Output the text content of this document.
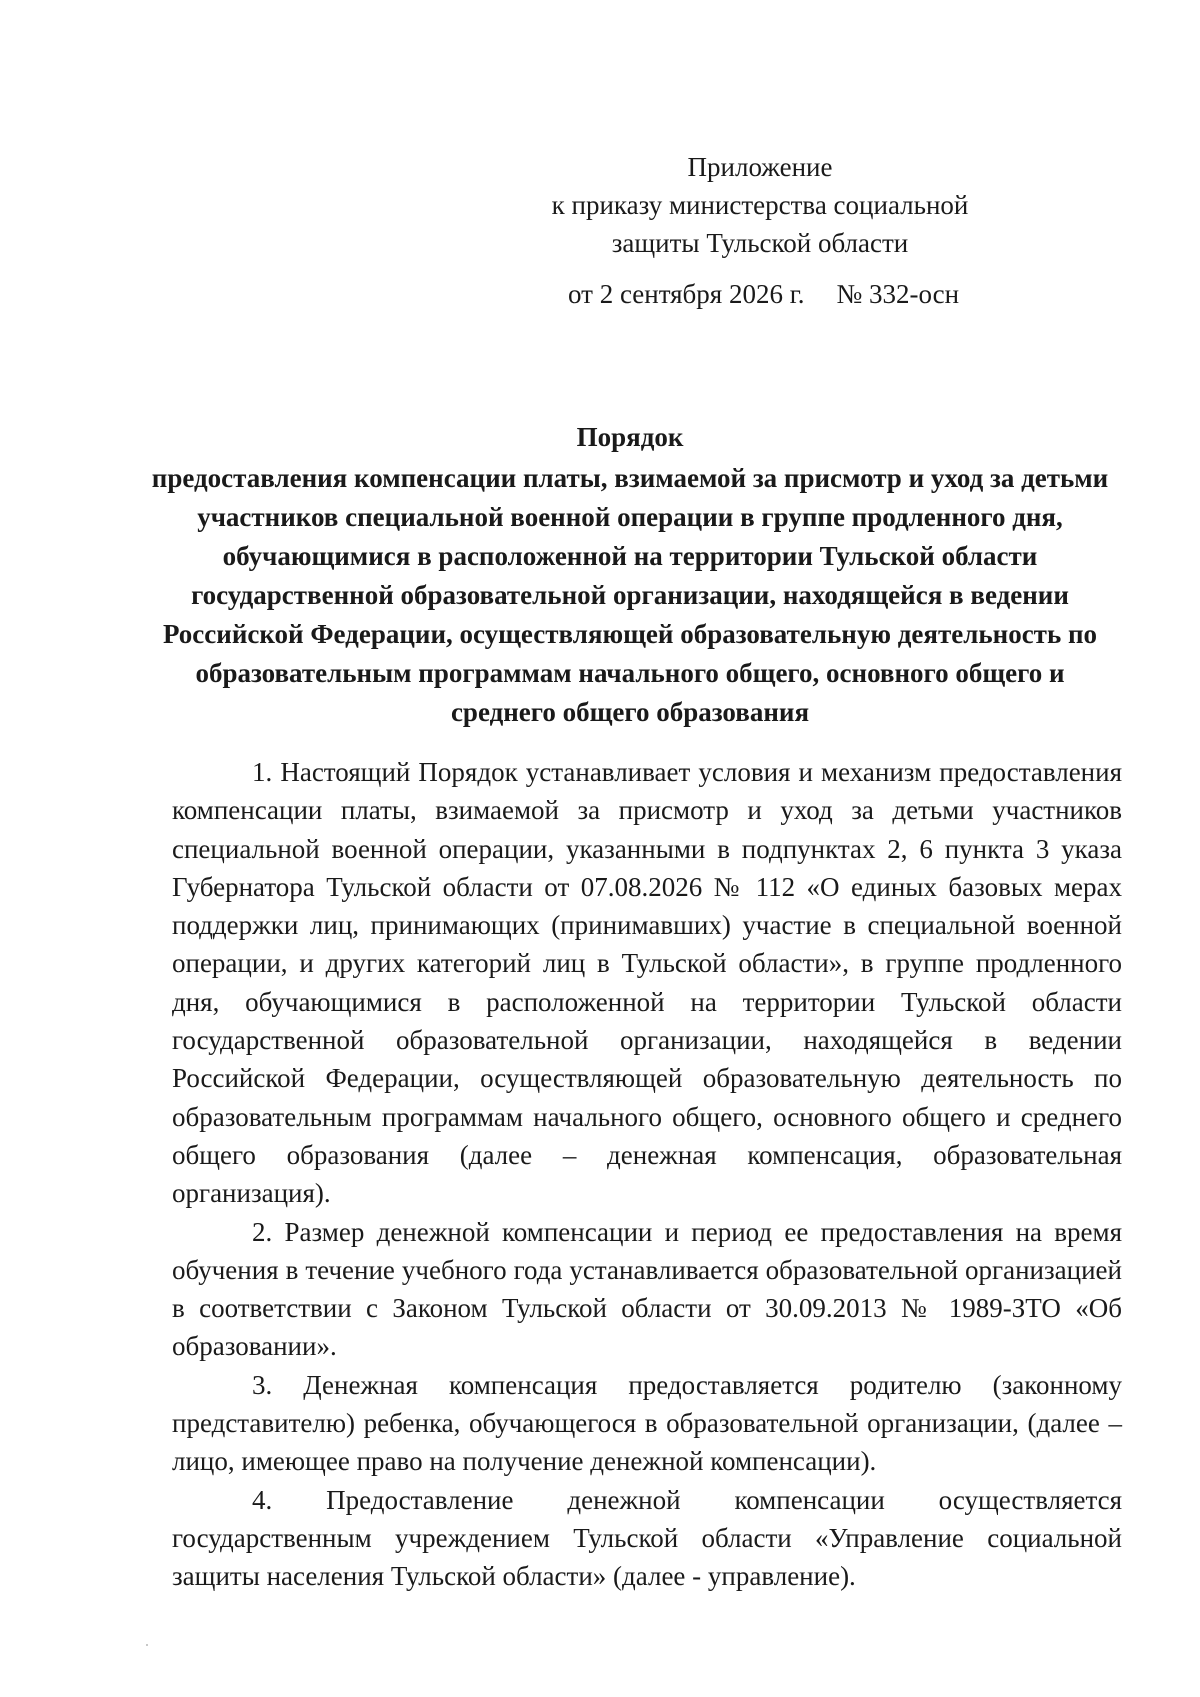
Приложение
к приказу министерства социальной
защиты Тульской области
от 2 сентября 2026 г. № 332-осн
Порядок
предоставления компенсации платы, взимаемой за присмотр и уход за детьми участников специальной военной операции в группе продленного дня, обучающимися в расположенной на территории Тульской области государственной образовательной организации, находящейся в ведении Российской Федерации, осуществляющей образовательную деятельность по образовательным программам начального общего, основного общего и среднего общего образования

1. Настоящий Порядок устанавливает условия и механизм предоставления компенсации платы, взимаемой за присмотр и уход за детьми участников специальной военной операции, указанными в подпунктах 2, 6 пункта 3 указа Губернатора Тульской области от 07.08.2026 № 112 «О единых базовых мерах поддержки лиц, принимающих (принимавших) участие в специальной военной операции, и других категорий лиц в Тульской области», в группе продленного дня, обучающимися в расположенной на территории Тульской области государственной образовательной организации, находящейся в ведении Российской Федерации, осуществляющей образовательную деятельность по образовательным программам начального общего, основного общего и среднего общего образования (далее – денежная компенсация, образовательная организация).

2. Размер денежной компенсации и период ее предоставления на время обучения в течение учебного года устанавливается образовательной организацией в соответствии с Законом Тульской области от 30.09.2013 № 1989-ЗТО «Об образовании».

3. Денежная компенсация предоставляется родителю (законному представителю) ребенка, обучающегося в образовательной организации, (далее – лицо, имеющее право на получение денежной компенсации).

4. Предоставление денежной компенсации осуществляется государственным учреждением Тульской области «Управление социальной защиты населения Тульской области» (далее - управление).
